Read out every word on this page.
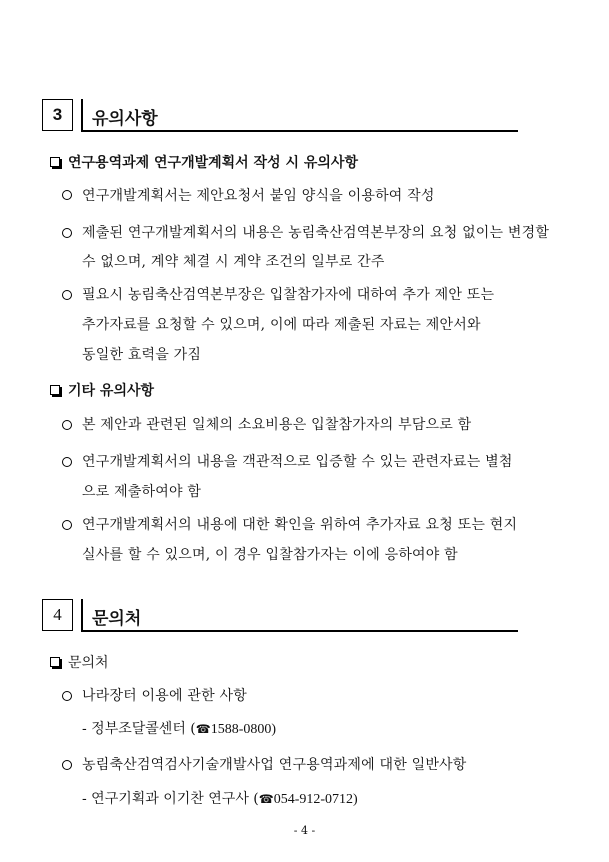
3 유의사항
연구용역과제 연구개발계획서 작성 시 유의사항
연구개발계획서는 제안요청서 붙임 양식을 이용하여 작성
제출된 연구개발계획서의 내용은 농림축산검역본부장의 요청 없이는 변경할
수 없으며, 계약 체결 시 계약 조건의 일부로 간주
필요시 농림축산검역본부장은 입찰참가자에 대하여 추가 제안 또는
추가자료를 요청할 수 있으며, 이에 따라 제출된 자료는 제안서와
동일한 효력을 가짐
기타 유의사항
본 제안과 관련된 일체의 소요비용은 입찰참가자의 부담으로 함
연구개발계획서의 내용을 객관적으로 입증할 수 있는 관련자료는 별첨
으로 제출하여야 함
연구개발계획서의 내용에 대한 확인을 위하여 추가자료 요청 또는 현지
실사를 할 수 있으며, 이 경우 입찰참가자는 이에 응하여야 함
4 문의처
문의처
나라장터 이용에 관한 사항
- 정부조달콜센터 (☎1588-0800)
농림축산검역검사기술개발사업 연구용역과제에 대한 일반사항
- 연구기획과 이기찬 연구사 (☎054-912-0712)
- 4 -
